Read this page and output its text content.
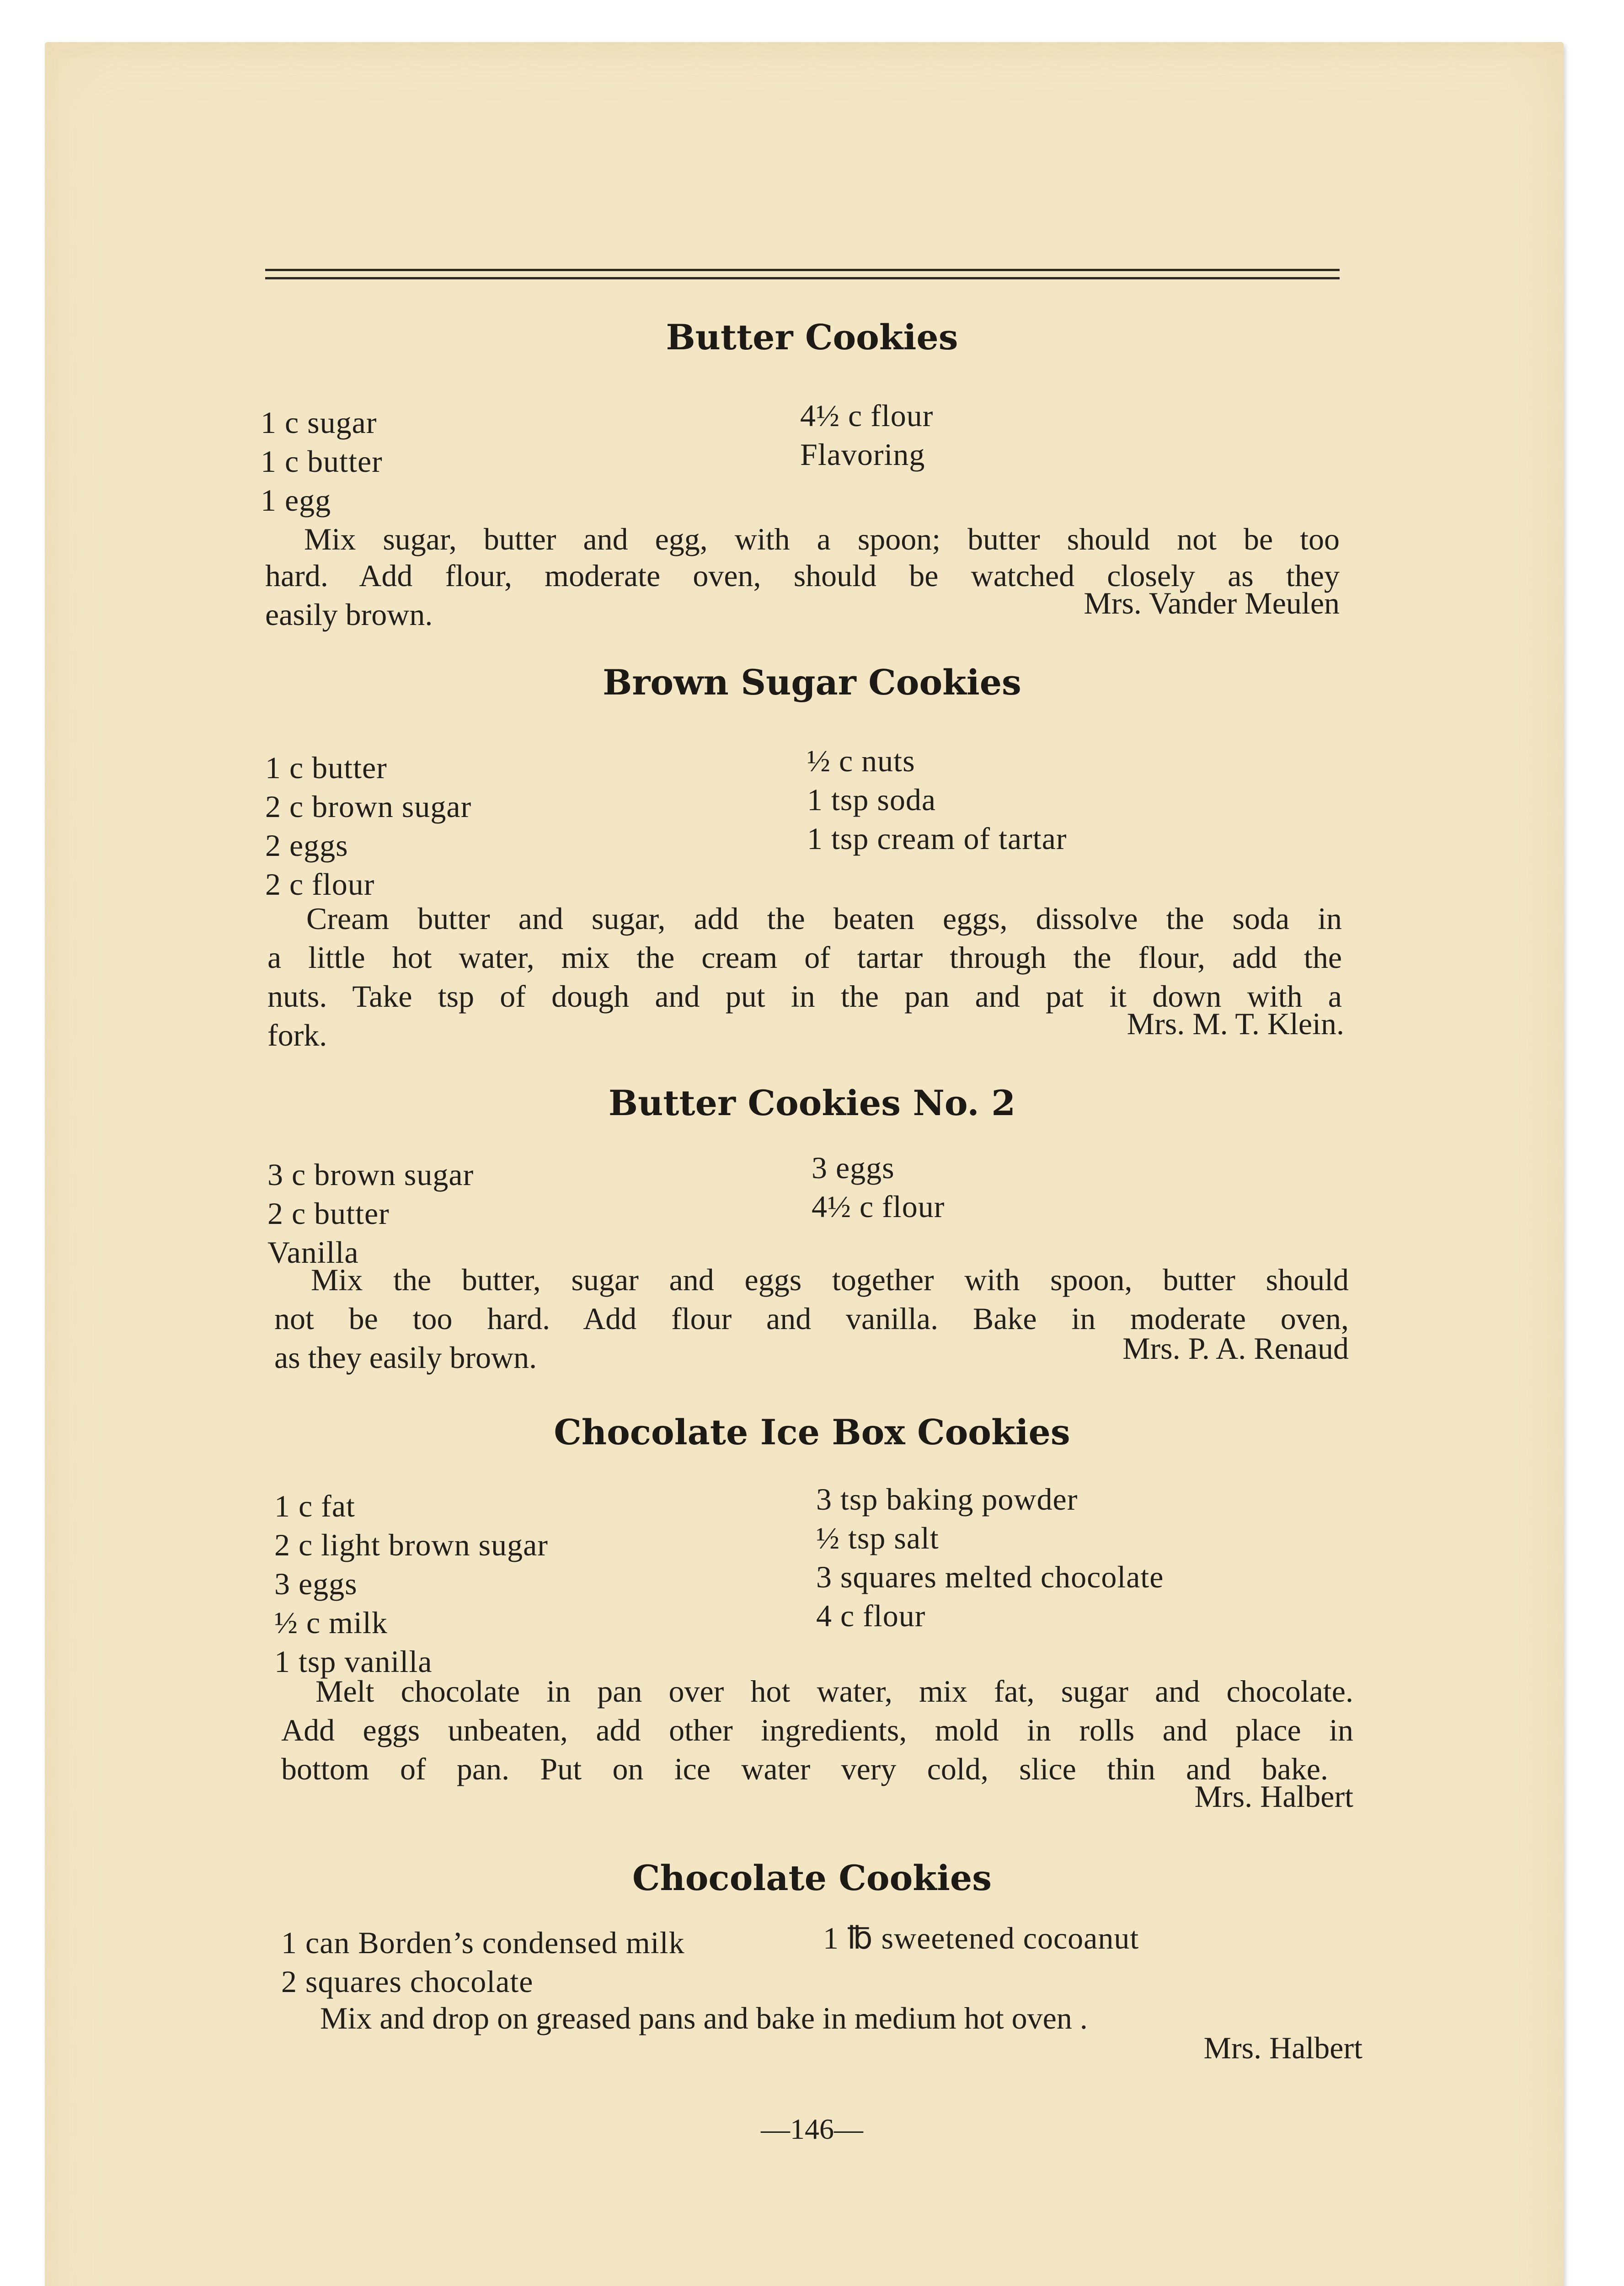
Butter Cookies
1 c sugar
1 c butter
1 egg
4½ c flour
Flavoring
Mix sugar, butter and egg, with a spoon; butter should not be too
hard. Add flour, moderate oven, should be watched closely as they
easily brown.	Mrs. Vander Meulen
Brown Sugar Cookies
1 c butter
2 c brown sugar
2 eggs
2 c flour
½ c nuts
1 tsp soda
1 tsp cream of tartar
Cream butter and sugar, add the beaten eggs, dissolve the soda in
a little hot water, mix the cream of tartar through the flour, add the
nuts. Take tsp of dough and put in the pan and pat it down with a
fork.	Mrs. M. T. Klein.
Butter Cookies No. 2
3 c brown sugar
2 c butter
Vanilla
3 eggs
4½ c flour
Mix the butter, sugar and eggs together with spoon, butter should
not be too hard. Add flour and vanilla. Bake in moderate oven,
as they easily brown.	Mrs. P. A. Renaud
Chocolate Ice Box Cookies
1 c fat
2 c light brown sugar
3 eggs
½ c milk
1 tsp vanilla
3 tsp baking powder
½ tsp salt
3 squares melted chocolate
4 c flour
Melt chocolate in pan over hot water, mix fat, sugar and chocolate.
Add eggs unbeaten, add other ingredients, mold in rolls and place in
bottom of pan. Put on ice water very cold, slice thin and bake.
Mrs. Halbert
Chocolate Cookies
1 can Borden’s condensed milk
2 squares chocolate
1 ℔ sweetened cocoanut
Mix and drop on greased pans and bake in medium hot oven .
Mrs. Halbert
—146—
